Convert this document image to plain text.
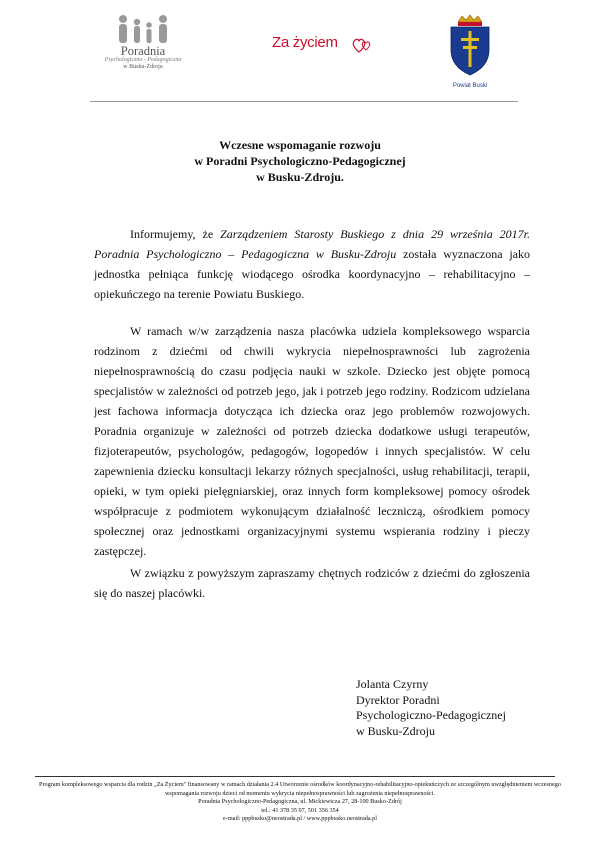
Poradnia
Psychologiczno - Pedagogiczna
w Busku-Zdroju
Za życiem
Powiat Buski
Wczesne wspomaganie rozwoju
w Poradni Psychologiczno-Pedagogicznej
w Busku-Zdroju.

Informujemy, że Zarządzeniem Starosty Buskiego z dnia 29 września 2017r. Poradnia Psychologiczno – Pedagogiczna w Busku-Zdroju została wyznaczona jako jednostka pełniąca funkcję wiodącego ośrodka koordynacyjno – rehabilitacyjno – opiekuńczego na terenie Powiatu Buskiego.

W ramach w/w zarządzenia nasza placówka udziela kompleksowego wsparcia rodzinom z dziećmi od chwili wykrycia niepełnosprawności lub zagrożenia niepełnosprawnością do czasu podjęcia nauki w szkole. Dziecko jest objęte pomocą specjalistów w zależności od potrzeb jego, jak i potrzeb jego rodziny. Rodzicom udzielana jest fachowa informacja dotycząca ich dziecka oraz jego problemów rozwojowych. Poradnia organizuje w zależności od potrzeb dziecka dodatkowe usługi terapeutów, fizjoterapeutów, psychologów, pedagogów, logopedów i innych specjalistów. W celu zapewnienia dziecku konsultacji lekarzy różnych specjalności, usług rehabilitacji, terapii, opieki, w tym opieki pielęgniarskiej, oraz innych form kompleksowej pomocy ośrodek współpracuje z podmiotem wykonującym działalność leczniczą, ośrodkiem pomocy społecznej oraz jednostkami organizacyjnymi systemu wspierania rodziny i pieczy zastępczej.

W związku z powyższym zapraszamy chętnych rodziców z dziećmi do zgłoszenia się do naszej placówki.

Jolanta Czyrny
Dyrektor Poradni
Psychologiczno-Pedagogicznej
w Busku-Zdroju
Program kompleksowego wsparcia dla rodzin „Za Życiem" finansowany w ramach działania 2.4 Utworzenie ośrodków koordynacyjno-rehabilitacyjno-opiekuńczych ze szczególnym uwzględnieniem wczesnego wspomagania rozwoju dzieci od momentu wykrycia niepełnosprawności lub zagrożenia niepełnosprawności.
Poradnia Psychologiczno-Pedagogiczna, ul. Mickiewicza 27, 28-100 Busko-Zdrój
tel.: 41 378 35 97, 501 356 354
e-mail: pppbusko@neostrada.pl / www.pppbusko.neostrada.pl
